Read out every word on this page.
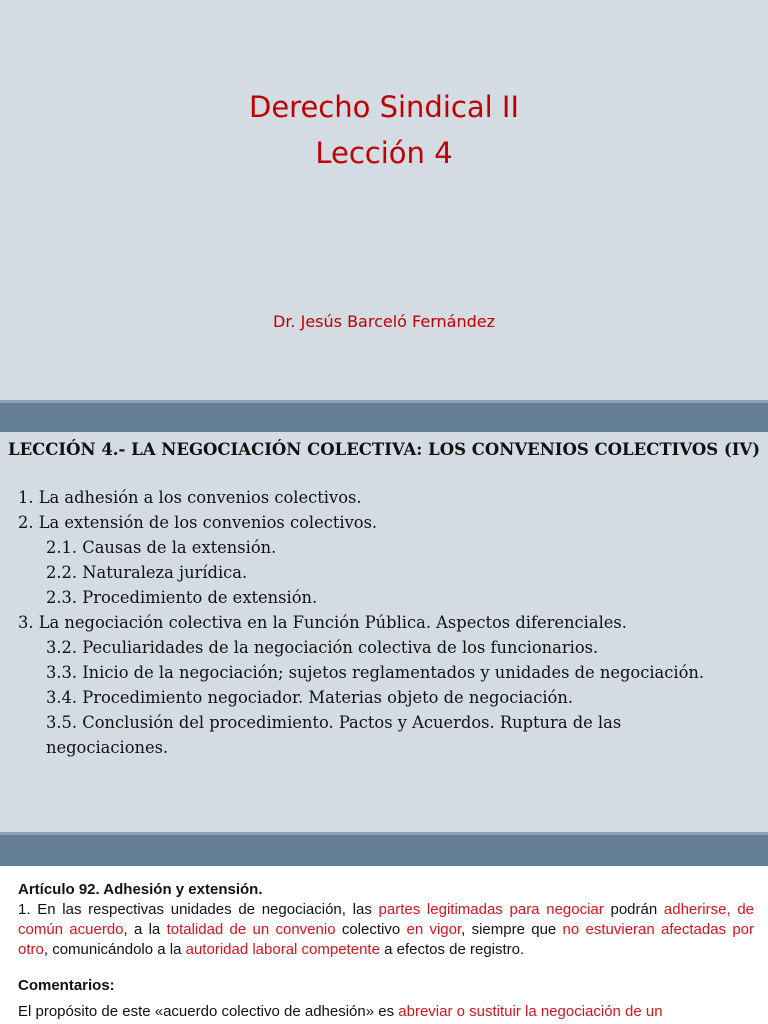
Derecho Sindical II
Lección 4
Dr. Jesús Barceló Fernández
LECCIÓN 4.- LA NEGOCIACIÓN COLECTIVA: LOS CONVENIOS COLECTIVOS (IV)
1. La adhesión a los convenios colectivos.
2. La extensión de los convenios colectivos.
2.1. Causas de la extensión.
2.2. Naturaleza jurídica.
2.3. Procedimiento de extensión.
3. La negociación colectiva en la Función Pública. Aspectos diferenciales.
3.2. Peculiaridades de la negociación colectiva de los funcionarios.
3.3. Inicio de la negociación; sujetos reglamentados y unidades de negociación.
3.4. Procedimiento negociador. Materias objeto de negociación.
3.5. Conclusión del procedimiento. Pactos y Acuerdos. Ruptura de las negociaciones.
Artículo 92. Adhesión y extensión.
1. En las respectivas unidades de negociación, las partes legitimadas para negociar podrán adherirse, de común acuerdo, a la totalidad de un convenio colectivo en vigor, siempre que no estuvieran afectadas por otro, comunicándolo a la autoridad laboral competente a efectos de registro.
Comentarios:
El propósito de este «acuerdo colectivo de adhesión» es abreviar o sustituir la negociación de un
